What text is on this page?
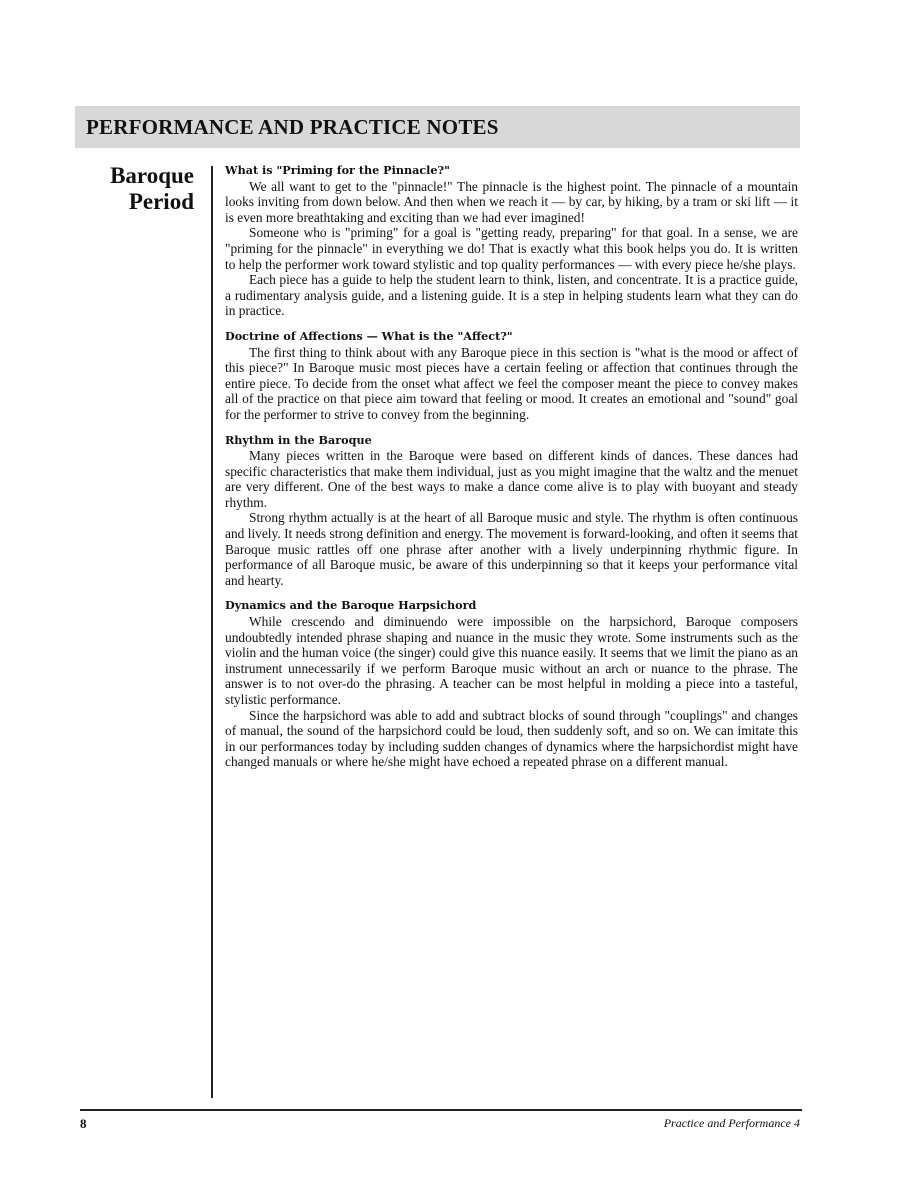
PERFORMANCE AND PRACTICE NOTES
Baroque
Period

What is "Priming for the Pinnacle?"

We all want to get to the "pinnacle!" The pinnacle is the highest point. The pinnacle of a mountain looks inviting from down below. And then when we reach it — by car, by hiking, by a tram or ski lift — it is even more breathtaking and exciting than we had ever imagined!

Someone who is "priming" for a goal is "getting ready, preparing" for that goal. In a sense, we are "priming for the pinnacle" in everything we do! That is exactly what this book helps you do. It is written to help the performer work toward stylistic and top quality performances — with every piece he/she plays.

Each piece has a guide to help the student learn to think, listen, and concentrate. It is a practice guide, a rudimentary analysis guide, and a listening guide. It is a step in helping students learn what they can do in practice.

Doctrine of Affections — What is the "Affect?"

The first thing to think about with any Baroque piece in this section is "what is the mood or affect of this piece?" In Baroque music most pieces have a certain feeling or affection that continues through the entire piece. To decide from the onset what affect we feel the composer meant the piece to convey makes all of the practice on that piece aim toward that feeling or mood. It creates an emotional and "sound" goal for the performer to strive to convey from the beginning.

Rhythm in the Baroque

Many pieces written in the Baroque were based on different kinds of dances. These dances had specific characteristics that make them individual, just as you might imagine that the waltz and the menuet are very different. One of the best ways to make a dance come alive is to play with buoyant and steady rhythm.

Strong rhythm actually is at the heart of all Baroque music and style. The rhythm is often continuous and lively. It needs strong definition and energy. The movement is forward-looking, and often it seems that Baroque music rattles off one phrase after another with a lively underpinning rhythmic figure. In performance of all Baroque music, be aware of this underpinning so that it keeps your performance vital and hearty.

Dynamics and the Baroque Harpsichord

While crescendo and diminuendo were impossible on the harpsichord, Baroque composers undoubtedly intended phrase shaping and nuance in the music they wrote. Some instruments such as the violin and the human voice (the singer) could give this nuance easily. It seems that we limit the piano as an instrument unnecessarily if we perform Baroque music without an arch or nuance to the phrase. The answer is to not over-do the phrasing. A teacher can be most helpful in molding a piece into a tasteful, stylistic performance.

Since the harpsichord was able to add and subtract blocks of sound through "couplings" and changes of manual, the sound of the harpsichord could be loud, then suddenly soft, and so on. We can imitate this in our performances today by including sudden changes of dynamics where the harpsichordist might have changed manuals or where he/she might have echoed a repeated phrase on a different manual.

8	Practice and Performance 4
